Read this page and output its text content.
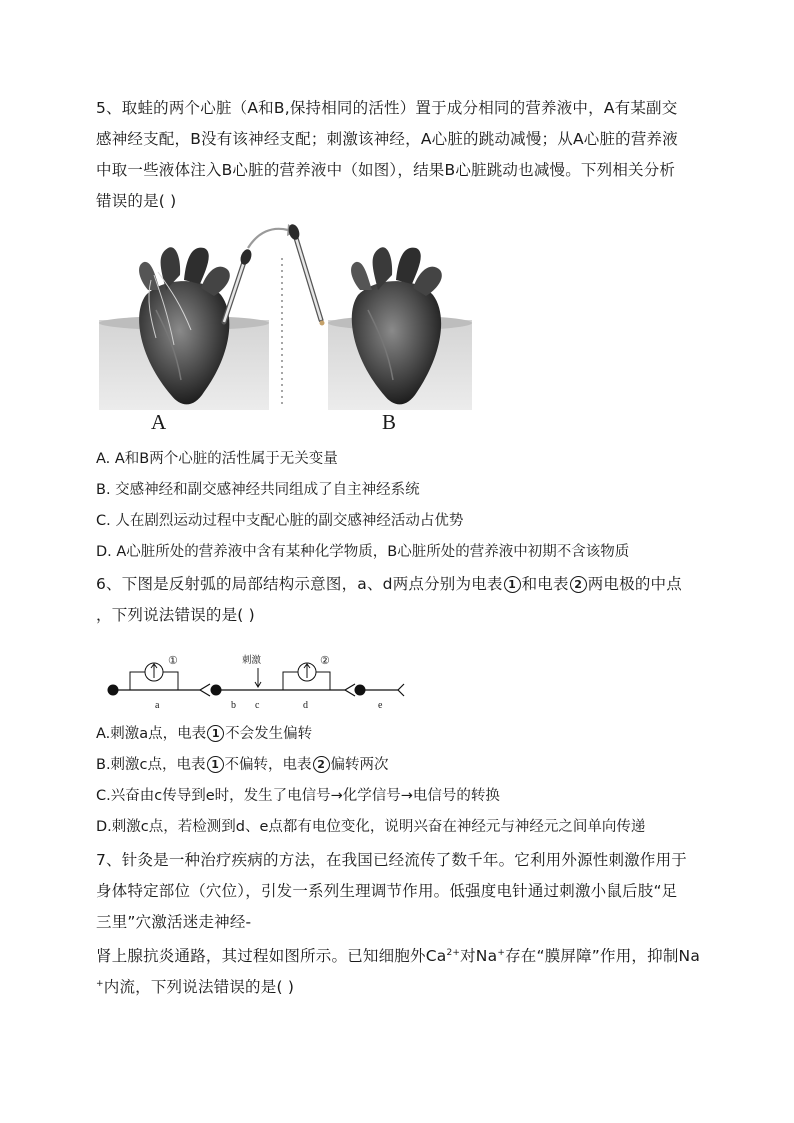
5、取蛙的两个心脏（A和B,保持相同的活性）置于成分相同的营养液中，A有某副交
感神经支配，B没有该神经支配；刺激该神经，A心脏的跳动减慢；从A心脏的营养液
中取一些液体注入B心脏的营养液中（如图），结果B心脏跳动也减慢。下列相关分析
错误的是( )
A	B
A. A和B两个心脏的活性属于无关变量
B. 交感神经和副交感神经共同组成了自主神经系统
C. 人在剧烈运动过程中支配心脏的副交感神经活动占优势
D. A心脏所处的营养液中含有某种化学物质，B心脏所处的营养液中初期不含该物质
6、下图是反射弧的局部结构示意图，a、d两点分别为电表 1 和电表 2 两电极的中点
，下列说法错误的是( )
①
a	b c
刺激	②
d	e
A.刺激a点，电表 1 不会发生偏转
B.刺激c点，电表 1 不偏转，电表 2 偏转两次
C.兴奋由c传导到e时，发生了电信号→化学信号→电信号的转换
D.刺激c点，若检测到d、e点都有电位变化，说明兴奋在神经元与神经元之间单向传递
7、针灸是一种治疗疾病的方法，在我国已经流传了数千年。它利用外源性刺激作用于
身体特定部位（穴位），引发一系列生理调节作用。低强度电针通过刺激小鼠后肢“足
三里”穴激活迷走神经-
肾上腺抗炎通路，其过程如图所示。已知细胞外$Ca^{2+}$对Na+存在“膜屏障”作用，抑制Na
+内流，下列说法错误的是( )
